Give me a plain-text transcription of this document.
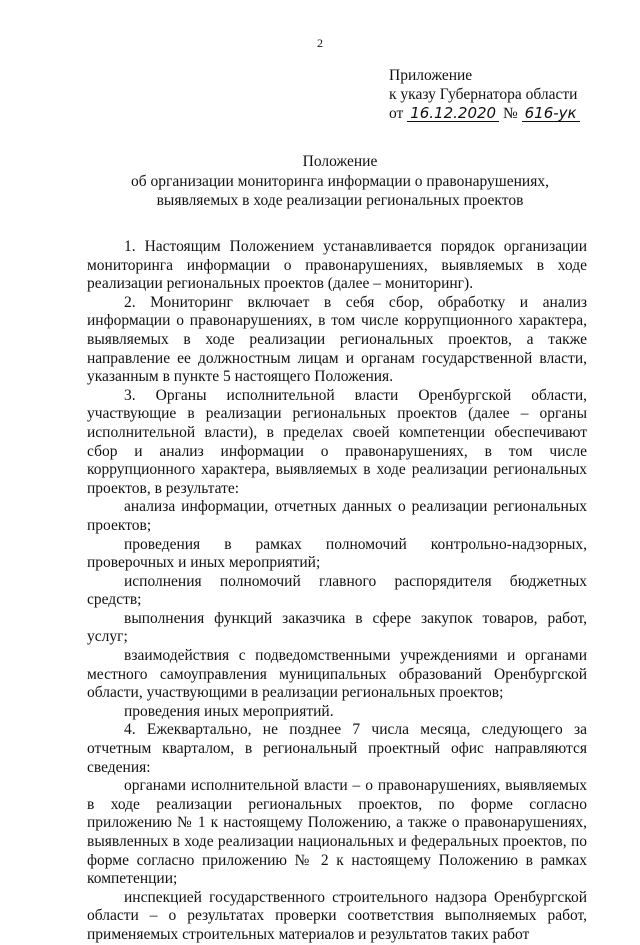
2
Приложение
к указу Губернатора области
от 16.12.2020 № 616-ук
Положение
об организации мониторинга информации о правонарушениях,
выявляемых в ходе реализации региональных проектов

1. Настоящим Положением устанавливается порядок организации мониторинга информации о правонарушениях, выявляемых в ходе реализации региональных проектов (далее – мониторинг).

2. Мониторинг включает в себя сбор, обработку и анализ информации о правонарушениях, в том числе коррупционного характера, выявляемых в ходе реализации региональных проектов, а также направление ее должностным лицам и органам государственной власти, указанным в пункте 5 настоящего Положения.

3. Органы исполнительной власти Оренбургской области, участвующие в реализации региональных проектов (далее – органы исполнительной власти), в пределах своей компетенции обеспечивают сбор и анализ информации о правонарушениях, в том числе коррупционного характера, выявляемых в ходе реализации региональных проектов, в результате:

анализа информации, отчетных данных о реализации региональных проектов;

проведения в рамках полномочий контрольно-надзорных, проверочных и иных мероприятий;

исполнения полномочий главного распорядителя бюджетных средств;

выполнения функций заказчика в сфере закупок товаров, работ, услуг;

взаимодействия с подведомственными учреждениями и органами местного самоуправления муниципальных образований Оренбургской области, участвующими в реализации региональных проектов;

проведения иных мероприятий.

4. Ежеквартально, не позднее 7 числа месяца, следующего за отчетным кварталом, в региональный проектный офис направляются сведения:

органами исполнительной власти – о правонарушениях, выявляемых в ходе реализации региональных проектов, по форме согласно приложению № 1 к настоящему Положению, а также о правонарушениях, выявленных в ходе реализации национальных и федеральных проектов, по форме согласно приложению № 2 к настоящему Положению в рамках компетенции;

инспекцией государственного строительного надзора Оренбургской области – о результатах проверки соответствия выполняемых работ, применяемых строительных материалов и результатов таких работ
